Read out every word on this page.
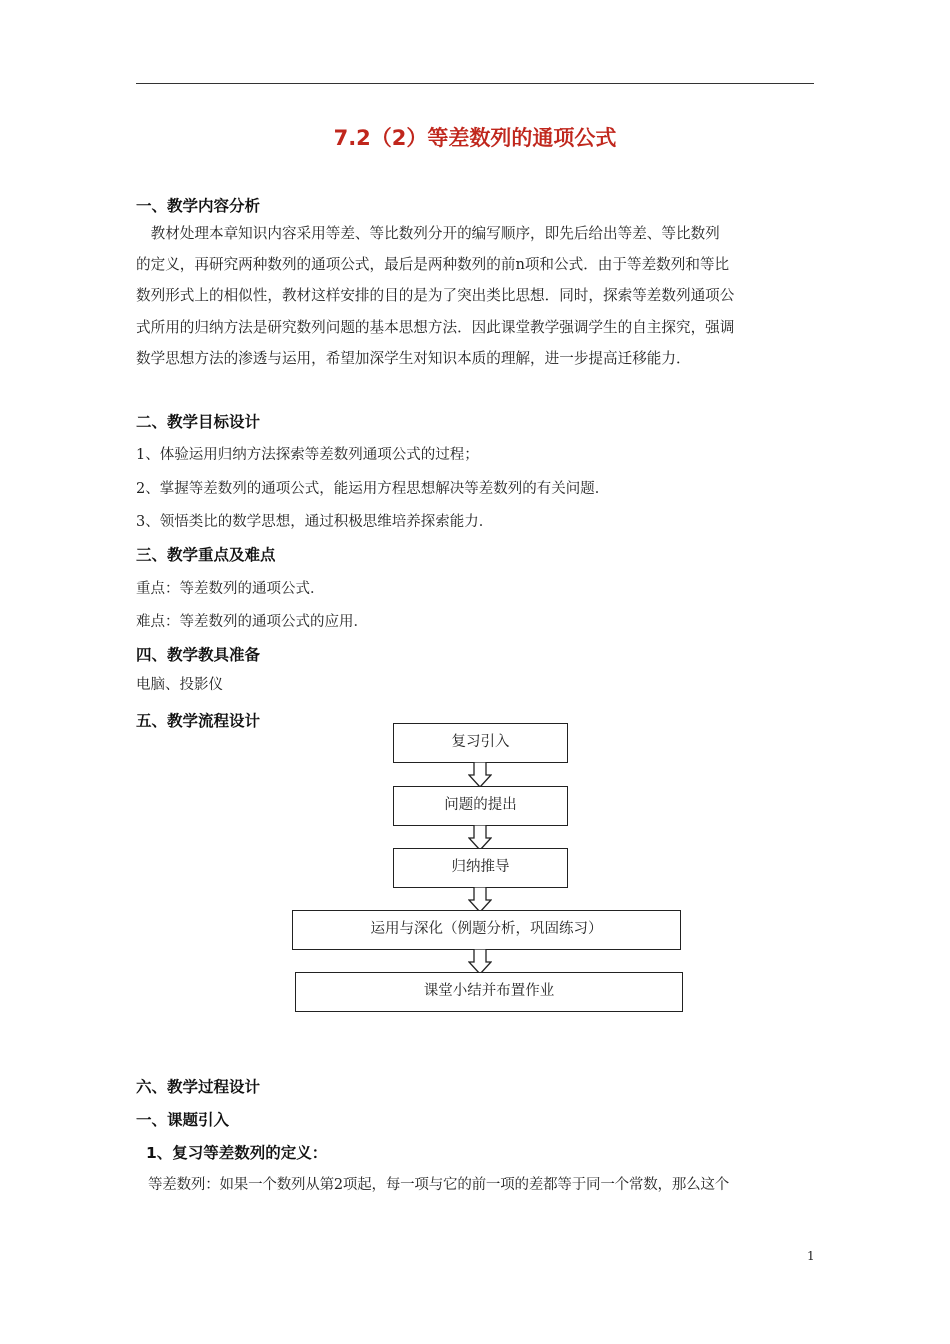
7.2（2）等差数列的通项公式
一、教学内容分析
　教材处理本章知识内容采用等差、等比数列分开的编写顺序，即先后给出等差、等比数列
的定义，再研究两种数列的通项公式，最后是两种数列的前n项和公式．由于等差数列和等比
数列形式上的相似性，教材这样安排的目的是为了突出类比思想．同时，探索等差数列通项公
式所用的归纳方法是研究数列问题的基本思想方法．因此课堂教学强调学生的自主探究，强调
数学思想方法的渗透与运用，希望加深学生对知识本质的理解，进一步提高迁移能力．
二、教学目标设计
1、体验运用归纳方法探索等差数列通项公式的过程；
2、掌握等差数列的通项公式，能运用方程思想解决等差数列的有关问题．
3、领悟类比的数学思想，通过积极思维培养探索能力．
三、教学重点及难点
重点：等差数列的通项公式．
难点：等差数列的通项公式的应用．
四、教学教具准备
电脑、投影仪
五、教学流程设计
复习引入
问题的提出
归纳推导
运用与深化（例题分析，巩固练习）
课堂小结并布置作业
六、教学过程设计
一、课题引入
1、复习等差数列的定义：
等差数列：如果一个数列从第2项起，每一项与它的前一项的差都等于同一个常数，那么这个
1
